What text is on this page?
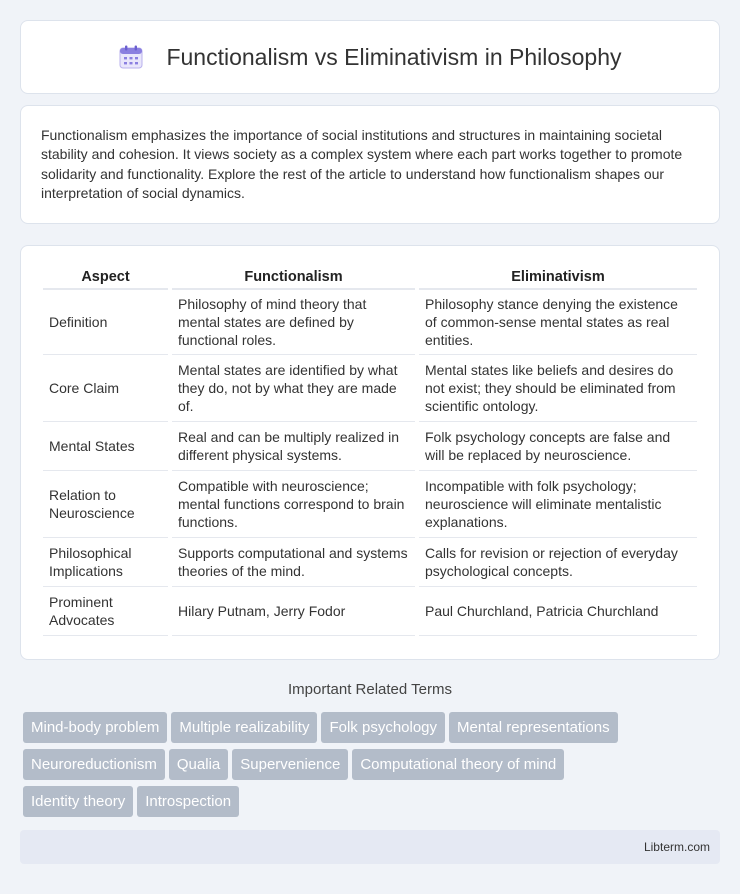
Functionalism vs Eliminativism in Philosophy

Functionalism emphasizes the importance of social institutions and structures in maintaining societal stability and cohesion. It views society as a complex system where each part works together to promote solidarity and functionality. Explore the rest of the article to understand how functionalism shapes our interpretation of social dynamics.

Aspect	Functionalism	Eliminativism
Definition	Philosophy of mind theory that mental states are defined by functional roles.	Philosophy stance denying the existence of common-sense mental states as real entities.
Core Claim	Mental states are identified by what they do, not by what they are made of.	Mental states like beliefs and desires do not exist; they should be eliminated from scientific ontology.
Mental States	Real and can be multiply realized in different physical systems.	Folk psychology concepts are false and will be replaced by neuroscience.
Relation to Neuroscience	Compatible with neuroscience; mental functions correspond to brain functions.	Incompatible with folk psychology; neuroscience will eliminate mentalistic explanations.
Philosophical Implications	Supports computational and systems theories of the mind.	Calls for revision or rejection of everyday psychological concepts.
Prominent Advocates	Hilary Putnam, Jerry Fodor	Paul Churchland, Patricia Churchland
Important Related Terms
Mind-body problem Multiple realizability Folk psychology Mental representations
Neuroreductionism Qualia Supervenience Computational theory of mind
Identity theory Introspection
Libterm.com
